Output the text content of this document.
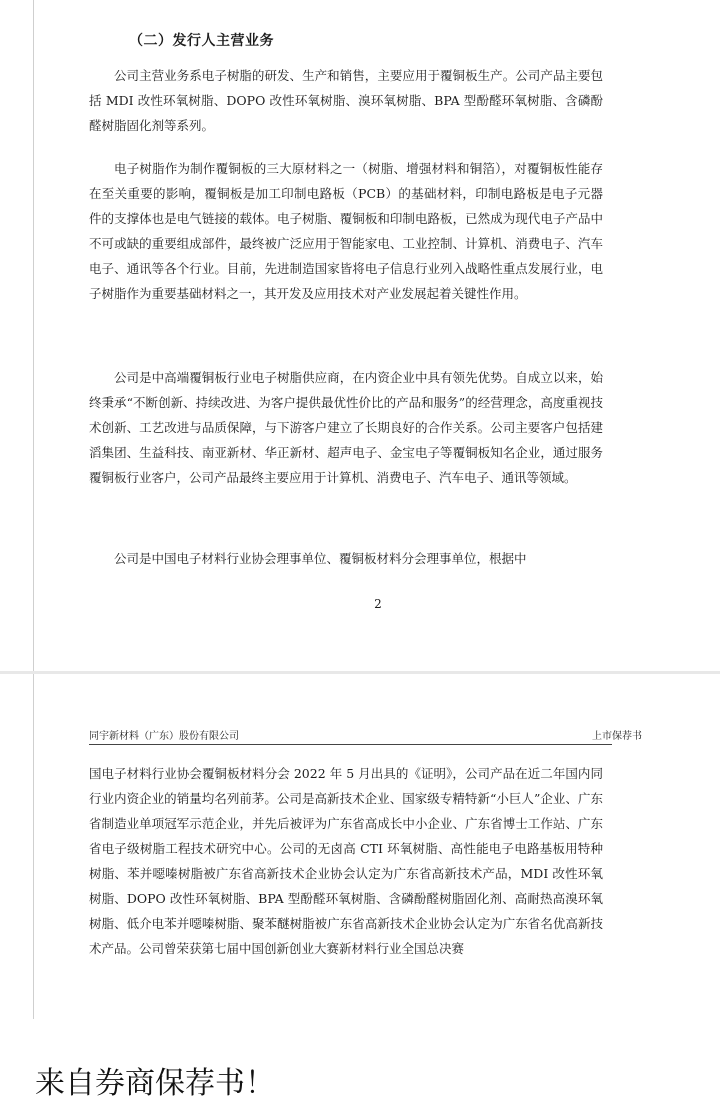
（二）发行人主营业务

公司主营业务系电子树脂的研发、生产和销售，主要应用于覆铜板生产。公司产品主要包括 MDI 改性环氧树脂、DOPO 改性环氧树脂、溴环氧树脂、BPA 型酚醛环氧树脂、含磷酚醛树脂固化剂等系列。

电子树脂作为制作覆铜板的三大原材料之一（树脂、增强材料和铜箔），对覆铜板性能存在至关重要的影响，覆铜板是加工印制电路板（PCB）的基础材料，印制电路板是电子元器件的支撑体也是电气链接的载体。电子树脂、覆铜板和印制电路板，已然成为现代电子产品中不可或缺的重要组成部件，最终被广泛应用于智能家电、工业控制、计算机、消费电子、汽车电子、通讯等各个行业。目前，先进制造国家皆将电子信息行业列入战略性重点发展行业，电子树脂作为重要基础材料之一，其开发及应用技术对产业发展起着关键性作用。

公司是中高端覆铜板行业电子树脂供应商，在内资企业中具有领先优势。自成立以来，始终秉承“不断创新、持续改进、为客户提供最优性价比的产品和服务”的经营理念，高度重视技术创新、工艺改进与品质保障，与下游客户建立了长期良好的合作关系。公司主要客户包括建滔集团、生益科技、南亚新材、华正新材、超声电子、金宝电子等覆铜板知名企业，通过服务覆铜板行业客户，公司产品最终主要应用于计算机、消费电子、汽车电子、通讯等领域。

公司是中国电子材料行业协会理事单位、覆铜板材料分会理事单位，根据中

2
同宇新材料（广东）股份有限公司	上市保荐书

国电子材料行业协会覆铜板材料分会 2022 年 5 月出具的《证明》，公司产品在近二年国内同行业内资企业的销量均名列前茅。公司是高新技术企业、国家级专精特新“小巨人”企业、广东省制造业单项冠军示范企业，并先后被评为广东省高成长中小企业、广东省博士工作站、广东省电子级树脂工程技术研究中心。公司的无卤高 CTI 环氧树脂、高性能电子电路基板用特种树脂、苯并噁嗪树脂被广东省高新技术企业协会认定为广东省高新技术产品，MDI 改性环氧树脂、DOPO 改性环氧树脂、BPA 型酚醛环氧树脂、含磷酚醛树脂固化剂、高耐热高溴环氧树脂、低介电苯并噁嗪树脂、聚苯醚树脂被广东省高新技术企业协会认定为广东省名优高新技术产品。公司曾荣获第七届中国创新创业大赛新材料行业全国总决赛

来自券商保荐书！
